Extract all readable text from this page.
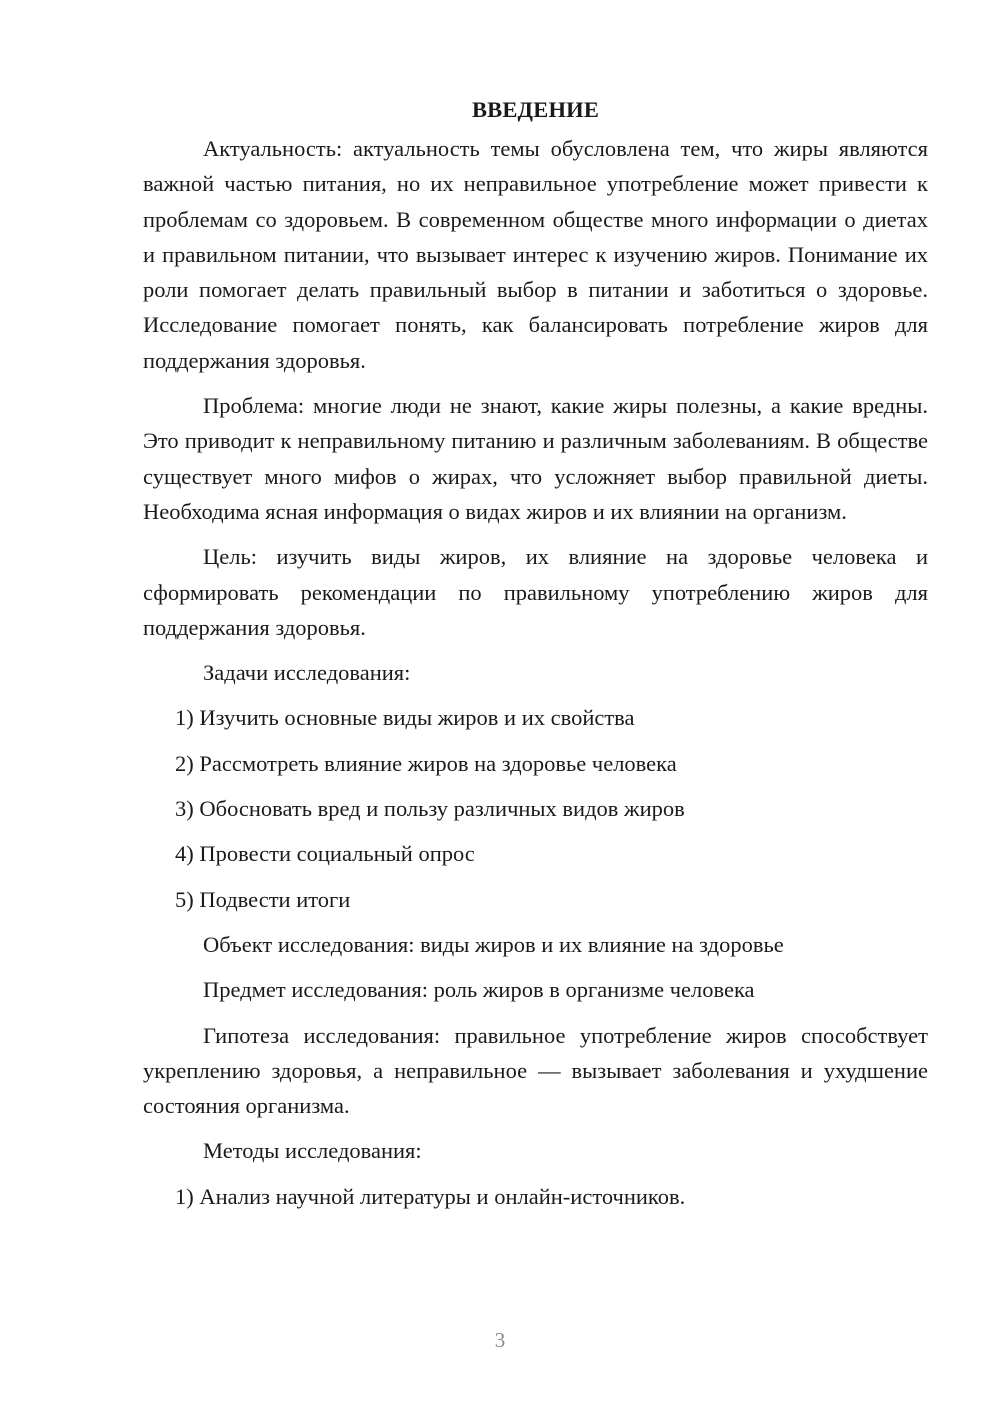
ВВЕДЕНИЕ

Актуальность: актуальность темы обусловлена тем, что жиры являются важной частью питания, но их неправильное употребление может привести к проблемам со здоровьем. В современном обществе много информации о диетах и правильном питании, что вызывает интерес к изучению жиров. Понимание их роли помогает делать правильный выбор в питании и заботиться о здоровье. Исследование помогает понять, как балансировать потребление жиров для поддержания здоровья.

Проблема: многие люди не знают, какие жиры полезны, а какие вредны. Это приводит к неправильному питанию и различным заболеваниям. В обществе существует много мифов о жирах, что усложняет выбор правильной диеты. Необходима ясная информация о видах жиров и их влиянии на организм.

Цель: изучить виды жиров, их влияние на здоровье человека и сформировать рекомендации по правильному употреблению жиров для поддержания здоровья.

Задачи исследования:

1) Изучить основные виды жиров и их свойства

2) Рассмотреть влияние жиров на здоровье человека

3) Обосновать вред и пользу различных видов жиров

4) Провести социальный опрос

5) Подвести итоги

Объект исследования: виды жиров и их влияние на здоровье

Предмет исследования: роль жиров в организме человека

Гипотеза исследования: правильное употребление жиров способствует укреплению здоровья, а неправильное — вызывает заболевания и ухудшение состояния организма.

Методы исследования:

1) Анализ научной литературы и онлайн-источников.

3
